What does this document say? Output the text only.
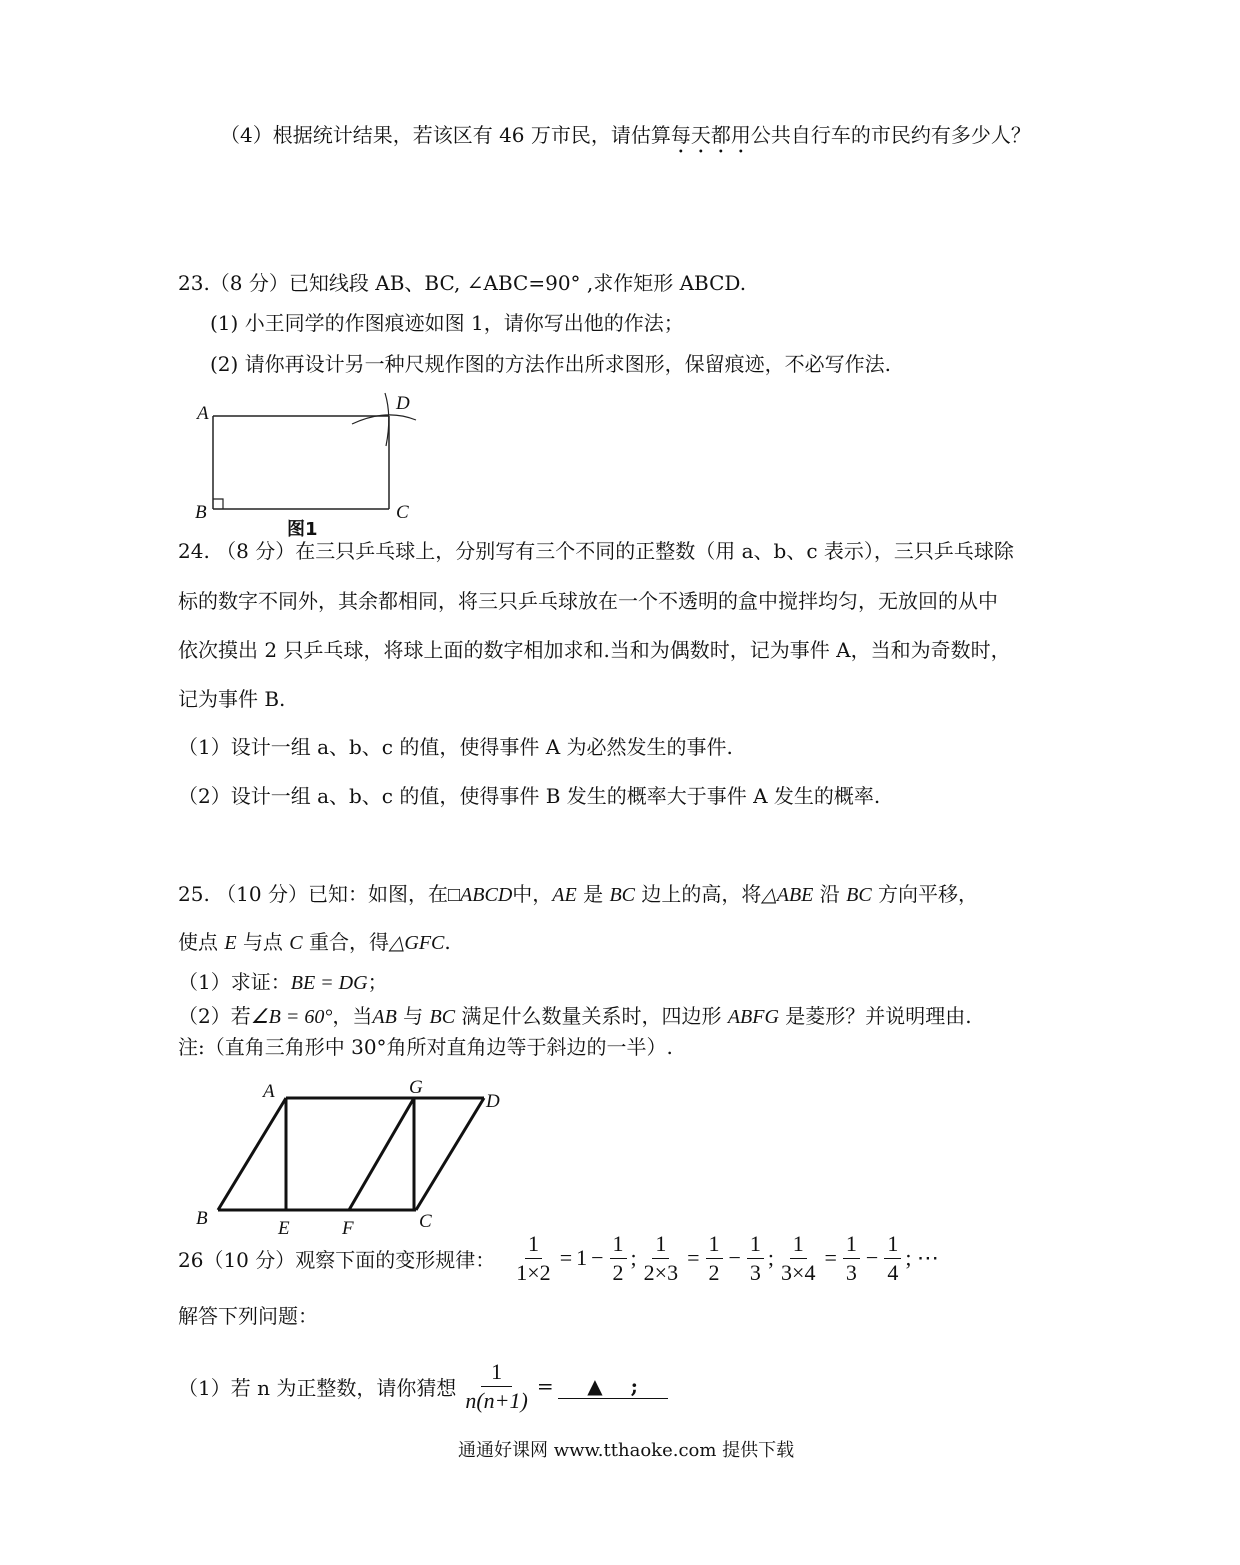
（4）根据统计结果，若该区有 46 万市民，请估算每天都用公共自行车的市民约有多少人？
23.（8 分）已知线段 AB、BC, ∠ABC=90° ,求作矩形 ABCD.
(1) 小王同学的作图痕迹如图 1，请你写出他的作法；
(2) 请你再设计另一种尺规作图的方法作出所求图形，保留痕迹，不必写作法.
A	D
B	C
图1
24. （8 分）在三只乒乓球上，分别写有三个不同的正整数（用 a、b、c 表示），三只乒乓球除
标的数字不同外，其余都相同，将三只乒乓球放在一个不透明的盒中搅拌均匀，无放回的从中
依次摸出 2 只乒乓球，将球上面的数字相加求和.当和为偶数时，记为事件 A，当和为奇数时，
记为事件 B.
（1）设计一组 a、b、c 的值，使得事件 A 为必然发生的事件.
（2）设计一组 a、b、c 的值，使得事件 B 发生的概率大于事件 A 发生的概率.
25. （10 分）已知：如图，在□ABCD中，AE 是 BC 边上的高，将△ABE 沿 BC 方向平移，
使点 E 与点 C 重合，得△GFC.
（1）求证：BE = DG；
（2）若∠B = 60°，当AB 与 BC 满足什么数量关系时，四边形 ABFG 是菱形？并说明理由.
注:（直角三角形中 30°角所对直角边等于斜边的一半）.
A	G
D
B	E	F	C
26（10 分）观察下面的变形规律： $\frac{1}{1\times 2} = 1 - \frac{1}{2}$ ; $\frac{1}{2\times 3} = \frac{1}{2} - \frac{1}{3}$ ; $\frac{1}{3\times 4} = \frac{1}{3} - \frac{1}{4}$ ; ⋯
解答下列问题：
（1）若 n 为正整数，请你猜想 $\frac{1}{n(n+1)}$ =	▲ ;
通通好课网 www.tthaoke.com 提供下载
